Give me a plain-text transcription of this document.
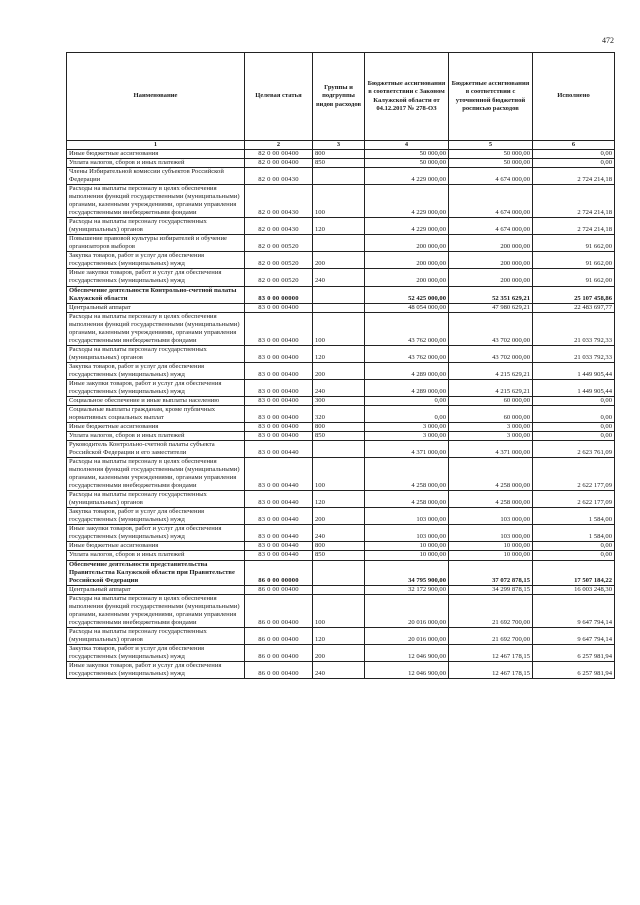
472
Наименование	Целевая статья	Группы и подгруппы видов расходов	Бюджетные ассигнования в соответствии с Законом Калужской области от 04.12.2017 № 278-ОЗ	Бюджетные ассигнования в соответствии с уточненной бюджетной росписью расходов	Исполнено
1	2	3	4	5	6
Иные бюджетные ассигнования	82 0 00 00400	800	50 000,00	50 000,00	0,00
Уплата налогов, сборов и иных платежей	82 0 00 00400	850	50 000,00	50 000,00	0,00
Члены Избирательной комиссии субъектов Российской Федерации	82 0 00 00430		4 229 000,00	4 674 000,00	2 724 214,18
Расходы на выплаты персоналу в целях обеспечения выполнения функций государственными (муниципальными) органами, казенными учреждениями, органами управления государственными внебюджетными фондами	82 0 00 00430	100	4 229 000,00	4 674 000,00	2 724 214,18
Расходы на выплаты персоналу государственных (муниципальных) органов	82 0 00 00430	120	4 229 000,00	4 674 000,00	2 724 214,18
Повышение правовой культуры избирателей и обучение организаторов выборов	82 0 00 00520		200 000,00	200 000,00	91 662,00
Закупка товаров, работ и услуг для обеспечения государственных (муниципальных) нужд	82 0 00 00520	200	200 000,00	200 000,00	91 662,00
Иные закупки товаров, работ и услуг для обеспечения государственных (муниципальных) нужд	82 0 00 00520	240	200 000,00	200 000,00	91 662,00
Обеспечение деятельности Контрольно-счетной палаты Калужской области	83 0 00 00000		52 425 000,00	52 351 629,21	25 107 458,86
Центральный аппарат	83 0 00 00400		48 054 000,00	47 980 629,21	22 483 697,77
Расходы на выплаты персоналу в целях обеспечения выполнения функций государственными (муниципальными) органами, казенными учреждениями, органами управления государственными внебюджетными фондами	83 0 00 00400	100	43 762 000,00	43 702 000,00	21 033 792,33
Расходы на выплаты персоналу государственных (муниципальных) органов	83 0 00 00400	120	43 762 000,00	43 702 000,00	21 033 792,33
Закупка товаров, работ и услуг для обеспечения государственных (муниципальных) нужд	83 0 00 00400	200	4 289 000,00	4 215 629,21	1 449 905,44
Иные закупки товаров, работ и услуг для обеспечения государственных (муниципальных) нужд	83 0 00 00400	240	4 289 000,00	4 215 629,21	1 449 905,44
Социальное обеспечение и иные выплаты населению	83 0 00 00400	300	0,00	60 000,00	0,00
Социальные выплаты гражданам, кроме публичных нормативных социальных выплат	83 0 00 00400	320	0,00	60 000,00	0,00
Иные бюджетные ассигнования	83 0 00 00400	800	3 000,00	3 000,00	0,00
Уплата налогов, сборов и иных платежей	83 0 00 00400	850	3 000,00	3 000,00	0,00
Руководитель Контрольно-счетной палаты субъекта Российской Федерации и его заместители	83 0 00 00440		4 371 000,00	4 371 000,00	2 623 761,09
Расходы на выплаты персоналу в целях обеспечения выполнения функций государственными (муниципальными) органами, казенными учреждениями, органами управления государственными внебюджетными фондами	83 0 00 00440	100	4 258 000,00	4 258 000,00	2 622 177,09
Расходы на выплаты персоналу государственных (муниципальных) органов	83 0 00 00440	120	4 258 000,00	4 258 000,00	2 622 177,09
Закупка товаров, работ и услуг для обеспечения государственных (муниципальных) нужд	83 0 00 00440	200	103 000,00	103 000,00	1 584,00
Иные закупки товаров, работ и услуг для обеспечения государственных (муниципальных) нужд	83 0 00 00440	240	103 000,00	103 000,00	1 584,00
Иные бюджетные ассигнования	83 0 00 00440	800	10 000,00	10 000,00	0,00
Уплата налогов, сборов и иных платежей	83 0 00 00440	850	10 000,00	10 000,00	0,00
Обеспечение деятельности представительства Правительства Калужской области при Правительстве Российской Федерации	86 0 00 00000		34 795 900,00	37 072 878,15	17 507 184,22
Центральный аппарат	86 0 00 00400		32 172 900,00	34 299 878,15	16 003 248,30
Расходы на выплаты персоналу в целях обеспечения выполнения функций государственными (муниципальными) органами, казенными учреждениями, органами управления государственными внебюджетными фондами	86 0 00 00400	100	20 016 000,00	21 692 700,00	9 647 794,14
Расходы на выплаты персоналу государственных (муниципальных) органов	86 0 00 00400	120	20 016 000,00	21 692 700,00	9 647 794,14
Закупка товаров, работ и услуг для обеспечения государственных (муниципальных) нужд	86 0 00 00400	200	12 046 900,00	12 467 178,15	6 257 981,94
Иные закупки товаров, работ и услуг для обеспечения государственных (муниципальных) нужд	86 0 00 00400	240	12 046 900,00	12 467 178,15	6 257 981,94
